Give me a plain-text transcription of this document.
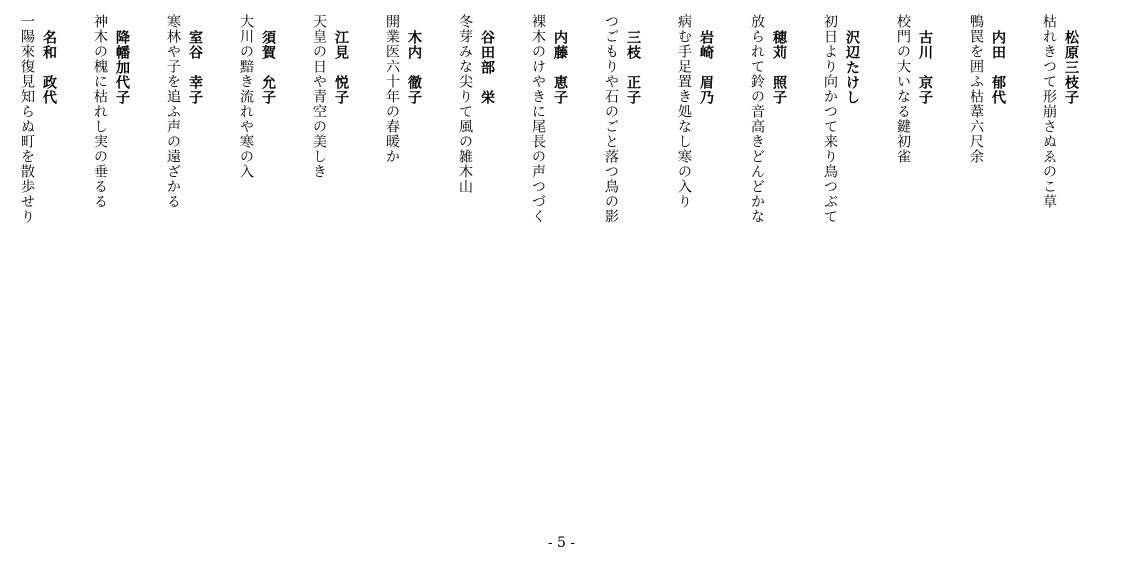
松原三枝子
枯れきつて形崩さぬゑのこ草
内田　郁代
鴨罠を囲ふ枯葦六尺余
古川　京子
校門の大いなる鍵初雀
沢辺たけし
初日より向かつて来り鳥つぶて
穂苅　照子
放られて鈴の音高きどんどかな
岩崎　眉乃
病む手足置き処なし寒の入り
三枝　正子
つごもりや石のごと落つ鳥の影
内藤　恵子
裸木のけやきに尾長の声つづく
谷田部　栄
冬芽みな尖りて風の雑木山
木内　徹子
開業医六十年の春暖か
江見　悦子
天皇の日や青空の美しき
須賀　允子
大川の黯き流れや寒の入
室谷　幸子
寒林や子を追ふ声の遠ざかる
降幡加代子
神木の槐に枯れし実の垂るる
名和　政代
一陽來復見知らぬ町を散歩せり
- 5 -
